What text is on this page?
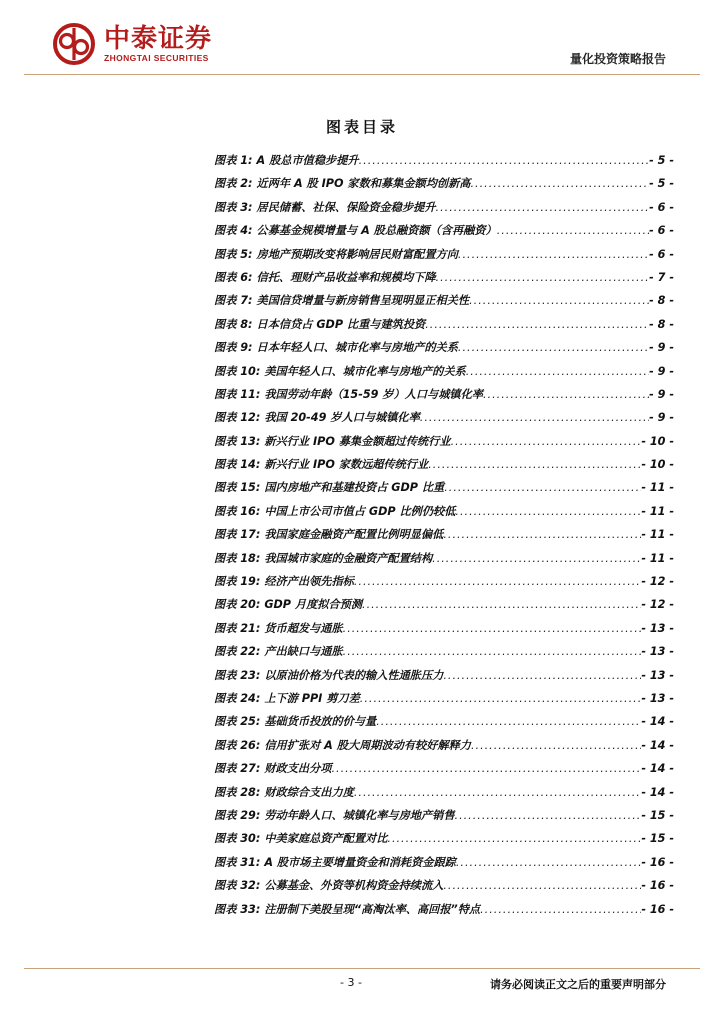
中泰证券
ZHONGTAI SECURITIES	量化投资策略报告
图表目录
图表 1: A 股总市值稳步提升 .....	- 5 -
图表 2: 近两年 A 股 IPO 家数和募集金额均创新高 .....	- 5 -
图表 3: 居民储蓄、社保、保险资金稳步提升 .....	- 6 -
图表 4: 公募基金规模增量与 A 股总融资额（含再融资） .....	- 6 -
图表 5: 房地产预期改变将影响居民财富配置方向 .....	- 6 -
图表 6: 信托、理财产品收益率和规模均下降 .....	- 7 -
图表 7: 美国信贷增量与新房销售呈现明显正相关性 .....	- 8 -
图表 8: 日本信贷占 GDP 比重与建筑投资 .....	- 8 -
图表 9: 日本年轻人口、城市化率与房地产的关系 .....	- 9 -
图表 10: 美国年轻人口、城市化率与房地产的关系 .....	- 9 -
图表 11: 我国劳动年龄（15-59 岁）人口与城镇化率 .....	- 9 -
图表 12: 我国 20-49 岁人口与城镇化率 .....	- 9 -
图表 13: 新兴行业 IPO 募集金额超过传统行业 .....	- 10 -
图表 14: 新兴行业 IPO 家数远超传统行业 .....	- 10 -
图表 15: 国内房地产和基建投资占 GDP 比重 .....	- 11 -
图表 16: 中国上市公司市值占 GDP 比例仍较低 .....	- 11 -
图表 17: 我国家庭金融资产配置比例明显偏低 .....	- 11 -
图表 18: 我国城市家庭的金融资产配置结构 .....	- 11 -
图表 19: 经济产出领先指标 .....	- 12 -
图表 20: GDP 月度拟合预测 .....	- 12 -
图表 21: 货币超发与通胀 .....	- 13 -
图表 22: 产出缺口与通胀 .....	- 13 -
图表 23: 以原油价格为代表的输入性通胀压力 .....	- 13 -
图表 24: 上下游 PPI 剪刀差 .....	- 13 -
图表 25: 基础货币投放的价与量 .....	- 14 -
图表 26: 信用扩张对 A 股大周期波动有较好解释力 .....	- 14 -
图表 27: 财政支出分项 .....	- 14 -
图表 28: 财政综合支出力度 .....	- 14 -
图表 29: 劳动年龄人口、城镇化率与房地产销售 .....	- 15 -
图表 30: 中美家庭总资产配置对比 .....	- 15 -
图表 31: A 股市场主要增量资金和消耗资金跟踪 .....	- 16 -
图表 32: 公募基金、外资等机构资金持续流入 .....	- 16 -
图表 33: 注册制下美股呈现“高淘汰率、高回报”特点 .....	- 16 -
- 3 -	请务必阅读正文之后的重要声明部分
